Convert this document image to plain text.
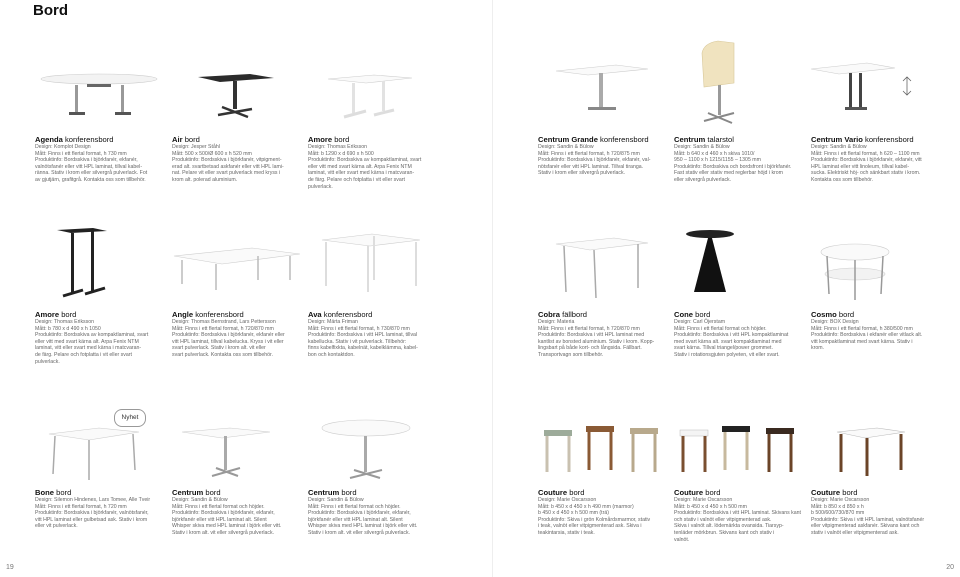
Bord
19	20
Agenda konferensbord
Design: Komplot Design
Mått: Finns i ett flertal format, h 730 mm
Produktinfo: Bordsskiva i björkfanér, ekfanér,
valnötsfanér eller vitt HPL laminat, tillval kabel-
ränna. Stativ i krom eller silvergrå pulverlack. Fot
av gjutjärn, grafitgrå. Kontakta oss som tillbehör.
Air bord
Design: Jesper Ståhl
Mått: 500 x 500/Ø 600 x h 520 mm
Produktinfo: Bordsskiva i björkfanér, vitpigment-
erad alt. svartbetsad askfanér eller vitt HPL lami-
nat. Pelare vit eller svart pulverlack med kryss i
krom alt. polerad aluminium.
Amore bord
Design: Thomas Eriksson
Mått: b 1290 x d 690 x h 500
Produktinfo: Bordsskiva av kompaktlaminat, svart
eller vitt med svart kärna alt. Arpa Fenix NTM
laminat, vitt eller svart med kärna i matcvaran-
de färg. Pelare och fotplatta i vit eller svart
pulverlack.
Centrum Grande konferensbord
Design: Sandin & Bülow
Mått: Finns i ett flertal format, h 720/875 mm
Produktinfo: Bordsskiva i björkfanér, ekfanér, val-
nötsfanér eller vitt HPL laminat. Tillval tiranga.
Stativ i krom eller silvergrå pulverlack.
Centrum talarstol
Design: Sandin & Bülow
Mått: b 640 x d 460 x h skiva 1010/
950 – 1100 x h 1215/1155 – 1305 mm
Produktinfo: Bordsskiva och bordsfront i björkfanér.
Fast stativ eller stativ med reglerbar höjd i krom
eller silvergrå pulverlack.
Centrum Vario konferensbord
Design: Sandin & Bülow
Mått: Finns i ett flertal format, h 620 – 1100 mm
Produktinfo: Bordsskiva i björkfanér, ekfanér, vitt
HPL laminat eller vitt linoleum, tillval kabel-
sucka. Elektriskt höj- och sänkbart stativ i krom.
Kontakta oss som tillbehör.
Amore bord
Design: Thomas Eriksson
Mått: b 780 x d 490 x h 1050
Produktinfo: Bordsskiva av kompaktlaminat, svart
eller vitt med svart kärna alt. Arpa Fenix NTM
laminat, vitt eller svart med kärna i matcvaran-
de färg. Pelare och fotplatta i vit eller svart
pulverlack.
Angle konferensbord
Design: Thomas Bernstrand, Lars Pettersson
Mått: Finns i ett flertal format, h 720/870 mm
Produktinfo: Bordsskiva i björkfanér, ekfanér eller
vitt HPL laminat, tillval kabelucka. Kryss i vit eller
svart pulverlack. Stativ i krom alt. vit eller
svart pulverlack. Kontakta oss som tillbehör.
Ava konferensbord
Design: Märta Friman
Mått: Finns i ett flertal format, h 730/870 mm
Produktinfo: Bordsskiva i vitt HPL laminat, tillval
kabellucka. Stativ i vit pulverlack. Tillbehör:
finns kabelfixkta, kabelnät, kabelklämma, kabel-
bon och kontaktdon.
Cobra fällbord
Design: Materia
Mått: Finns i ett flertal format, h 720/870 mm
Produktinfo: Bordsskiva i vitt HPL laminat med
kantlist av bonsted aluminium. Stativ i krom. Kopp-
lingsbart på både kort- och långsida. Fällbart.
Transportvagn som tillbehör.
Cone bord
Design: Carl Öjerstam
Mått: Finns i ett flertal format och höjder.
Produktinfo: Bordsskiva i vitt HPL kompaktlaminat
med svart kärna alt. svart kompaktlaminat med
svart kärna. Tillval triangel/power grommet.
Stativ i rotationsgjuten polyeten, vit eller svart.
Cosmo bord
Design: BOX Design
Mått: Finns i ett flertal format, h 380/500 mm
Produktinfo: Bordsskiva i ekfanér eller vitlack alt.
vitt kompaktlaminat med svart kärna. Stativ i
krom.
Nyhet
Bone bord
Design: Silemon Hindenes, Lars Tomee, Alle Tveir
Mått: Finns i ett flertal format, h 720 mm
Produktinfo: Bordsskiva i björkfanér, valnötsfanér,
vitt HPL laminat eller gulbetsad ask. Stativ i krom
eller vit pulverlack.
Centrum bord
Design: Sandin & Bülow
Mått: Finns i ett flertal format och höjder.
Produktinfo: Bordsskiva i björkfanér, ekfanér,
björkfanér eller vitt HPL laminat alt. Silent
Whisper skiva med HPL laminat i björk eller vitt.
Stativ i krom alt. vit eller silvergrå pulverlack.
Centrum bord
Design: Sandin & Bülow
Mått: Finns i ett flertal format och höjder.
Produktinfo: Bordsskiva i björkfanér, ekfanér,
björkfanér eller vitt HPL laminat alt. Silent
Whisper skiva med HPL laminat i björk eller vitt.
Stativ i krom alt. vit eller silvergrå pulverlack.
Couture bord
Design: Marie Oscarsson
Mått: b 450 x d 450 x h 490 mm (marmor)
b 450 x d 450 x h 500 mm (trä)
Produktinfo: Skiva i grön Kolmårdsmarmor, stativ
i teak, valnöt eller vitpigmenterad ask. Skiva i
teakintarsia, stativ i teak.
Couture bord
Design: Marie Oscarsson
Mått: b 450 x d 450 x h 500 mm
Produktinfo: Bordsskiva i vitt HPL laminat. Skivans kant
och stativ i valnöt eller vitpigmenterad ask.
Skiva i valnöt alt. lödemärkta ovansida. Tiarsyp-
tenläder mörkbrun. Skivans kant och stativ i
valnöt.
Couture bord
Design: Marie Oscarsson
Mått: b 850 x d 850 x h
b 500/600/730/870 mm
Produktinfo: Skiva i vitt HPL laminat, valnötsfanér
eller vitpigmenterad askfanér. Skivans kant och
stativ i valnöt eller vitpigmenterad ask.
